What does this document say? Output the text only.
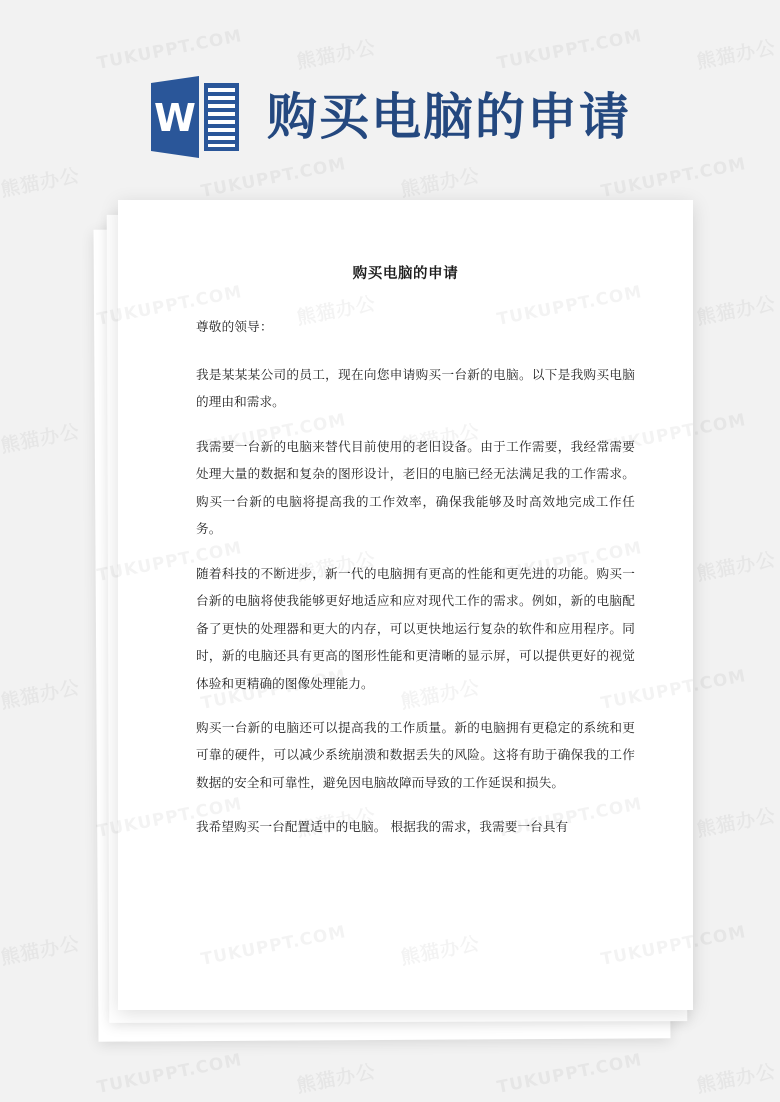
W 购买电脑的申请
购买电脑的申请
尊敬的领导：

我是某某某公司的员工，现在向您申请购买一台新的电脑。以下是我购买电脑的理由和需求。

我需要一台新的电脑来替代目前使用的老旧设备。由于工作需要，我经常需要处理大量的数据和复杂的图形设计，老旧的电脑已经无法满足我的工作需求。购买一台新的电脑将提高我的工作效率，确保我能够及时高效地完成工作任务。

随着科技的不断进步，新一代的电脑拥有更高的性能和更先进的功能。购买一台新的电脑将使我能够更好地适应和应对现代工作的需求。例如，新的电脑配备了更快的处理器和更大的内存，可以更快地运行复杂的软件和应用程序。同时，新的电脑还具有更高的图形性能和更清晰的显示屏，可以提供更好的视觉体验和更精确的图像处理能力。

购买一台新的电脑还可以提高我的工作质量。新的电脑拥有更稳定的系统和更可靠的硬件，可以减少系统崩溃和数据丢失的风险。这将有助于确保我的工作数据的安全和可靠性，避免因电脑故障而导致的工作延误和损失。

我希望购买一台配置适中的电脑。 根据我的需求，我需要一台具有
